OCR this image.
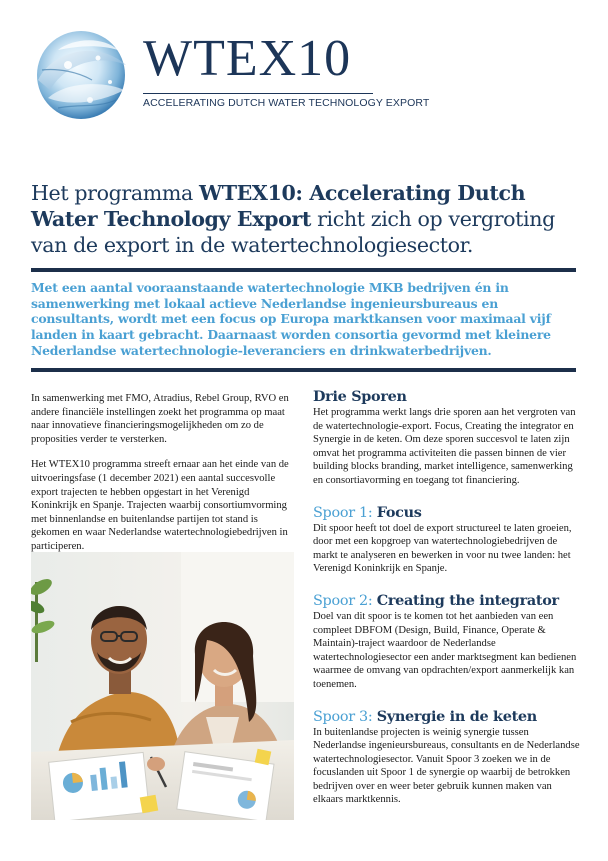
WTEX10
ACCELERATING DUTCH WATER TECHNOLOGY EXPORT
Het programma WTEX10: Accelerating Dutch Water Technology Export richt zich op vergroting van de export in de watertechnologiesector.

Met een aantal vooraanstaande watertechnologie MKB bedrijven én in samenwerking met lokaal actieve Nederlandse ingenieursbureaus en consultants, wordt met een focus op Europa marktkansen voor maximaal vijf landen in kaart gebracht. Daarnaast worden consortia gevormd met kleinere Nederlandse watertechnologie-leveranciers en drinkwaterbedrijven.

In samenwerking met FMO, Atradius, Rebel Group, RVO en andere financiële instellingen zoekt het programma op maat naar innovatieve financieringsmogelijkheden om zo de proposities verder te versterken.

Het WTEX10 programma streeft ernaar aan het einde van de uitvoeringsfase (1 december 2021) een aantal succesvolle export trajecten te hebben opgestart in het Verenigd Koninkrijk en Spanje. Trajecten waarbij consortiumvorming met binnenlandse en buitenlandse partijen tot stand is gekomen en waar Nederlandse watertechnologiebedrijven in participeren.

Drie Sporen

Het programma werkt langs drie sporen aan het vergroten van de watertechnologie-export. Focus, Creating the integrator en Synergie in de keten. Om deze sporen succesvol te laten zijn omvat het programma activiteiten die passen binnen de vier building blocks branding, market intelligence, samenwerking en consortiavorming en toegang tot financiering.

Spoor 1: Focus

Dit spoor heeft tot doel de export structureel te laten groeien, door met een kopgroep van watertechnologiebedrijven de markt te analyseren en bewerken in voor nu twee landen: het Verenigd Koninkrijk en Spanje.

Spoor 2: Creating the integrator

Doel van dit spoor is te komen tot het aanbieden van een compleet DBFOM (Design, Build, Finance, Operate & Maintain)-traject waardoor de Nederlandse watertechnologiesector een ander marktsegment kan bedienen waarmee de omvang van opdrachten/export aanmerkelijk kan toenemen.

Spoor 3: Synergie in de keten

In buitenlandse projecten is weinig synergie tussen Nederlandse ingenieursbureaus, consultants en de Nederlandse watertechnologiesector. Vanuit Spoor 3 zoeken we in de focuslanden uit Spoor 1 de synergie op waarbij de betrokken bedrijven over en weer beter gebruik kunnen maken van elkaars marktkennis.
